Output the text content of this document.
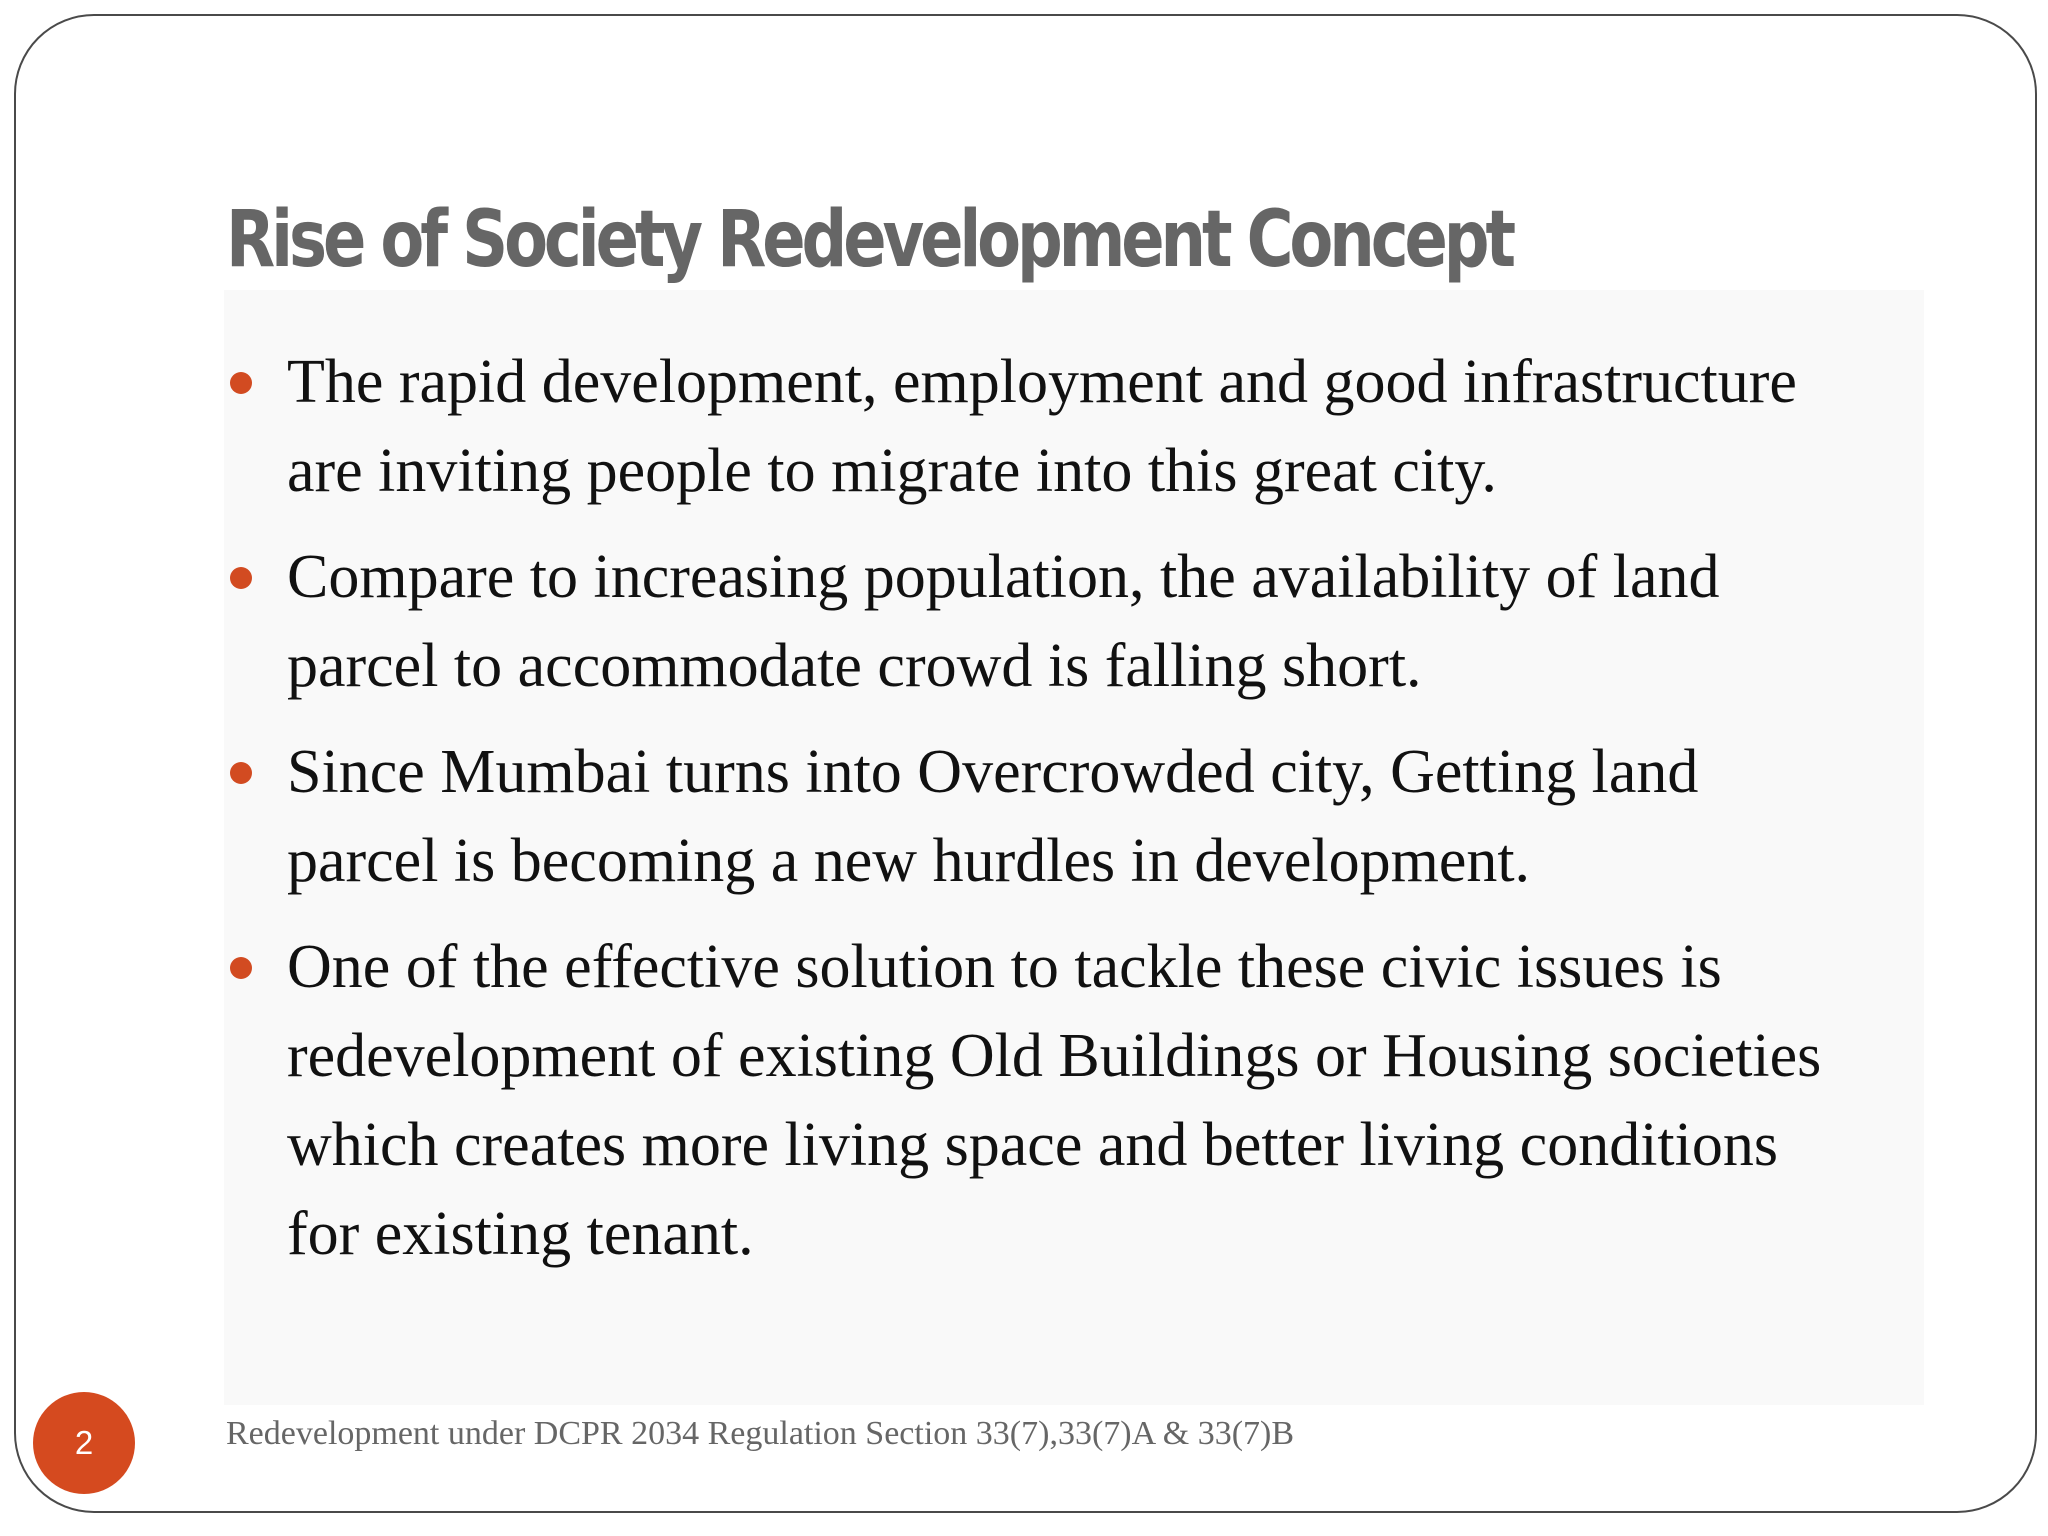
Rise of Society Redevelopment Concept
The rapid development, employment and good infrastructure
are inviting people to migrate into this great city.
Compare to increasing population, the availability of land
parcel to accommodate crowd is falling short.
Since Mumbai turns into Overcrowded city, Getting land
parcel is becoming a new hurdles in development.
One of the effective solution to tackle these civic issues is
redevelopment of existing Old Buildings or Housing societies
which creates more living space and better living conditions
for existing tenant.
2	Redevelopment under DCPR 2034 Regulation Section 33(7),33(7)A & 33(7)B
